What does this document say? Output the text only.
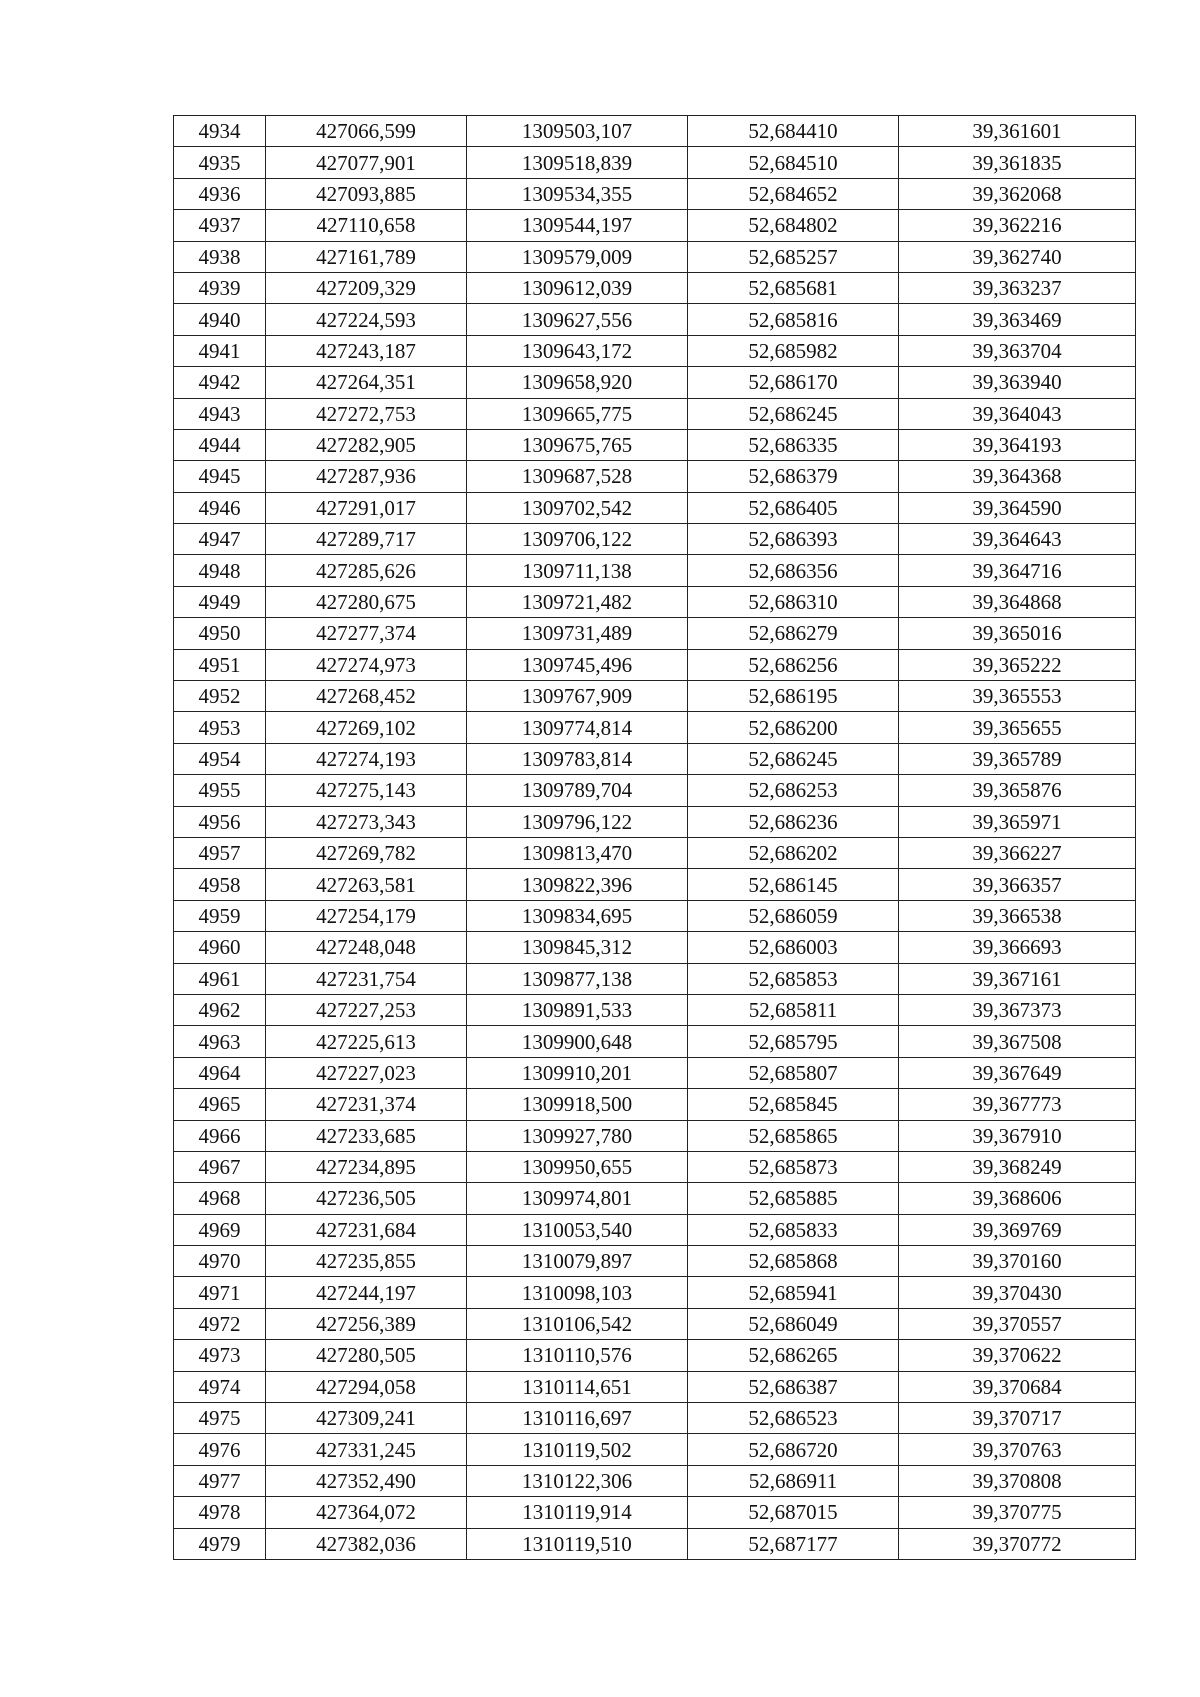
4934	427066,599	1309503,107	52,684410	39,361601
4935	427077,901	1309518,839	52,684510	39,361835
4936	427093,885	1309534,355	52,684652	39,362068
4937	427110,658	1309544,197	52,684802	39,362216
4938	427161,789	1309579,009	52,685257	39,362740
4939	427209,329	1309612,039	52,685681	39,363237
4940	427224,593	1309627,556	52,685816	39,363469
4941	427243,187	1309643,172	52,685982	39,363704
4942	427264,351	1309658,920	52,686170	39,363940
4943	427272,753	1309665,775	52,686245	39,364043
4944	427282,905	1309675,765	52,686335	39,364193
4945	427287,936	1309687,528	52,686379	39,364368
4946	427291,017	1309702,542	52,686405	39,364590
4947	427289,717	1309706,122	52,686393	39,364643
4948	427285,626	1309711,138	52,686356	39,364716
4949	427280,675	1309721,482	52,686310	39,364868
4950	427277,374	1309731,489	52,686279	39,365016
4951	427274,973	1309745,496	52,686256	39,365222
4952	427268,452	1309767,909	52,686195	39,365553
4953	427269,102	1309774,814	52,686200	39,365655
4954	427274,193	1309783,814	52,686245	39,365789
4955	427275,143	1309789,704	52,686253	39,365876
4956	427273,343	1309796,122	52,686236	39,365971
4957	427269,782	1309813,470	52,686202	39,366227
4958	427263,581	1309822,396	52,686145	39,366357
4959	427254,179	1309834,695	52,686059	39,366538
4960	427248,048	1309845,312	52,686003	39,366693
4961	427231,754	1309877,138	52,685853	39,367161
4962	427227,253	1309891,533	52,685811	39,367373
4963	427225,613	1309900,648	52,685795	39,367508
4964	427227,023	1309910,201	52,685807	39,367649
4965	427231,374	1309918,500	52,685845	39,367773
4966	427233,685	1309927,780	52,685865	39,367910
4967	427234,895	1309950,655	52,685873	39,368249
4968	427236,505	1309974,801	52,685885	39,368606
4969	427231,684	1310053,540	52,685833	39,369769
4970	427235,855	1310079,897	52,685868	39,370160
4971	427244,197	1310098,103	52,685941	39,370430
4972	427256,389	1310106,542	52,686049	39,370557
4973	427280,505	1310110,576	52,686265	39,370622
4974	427294,058	1310114,651	52,686387	39,370684
4975	427309,241	1310116,697	52,686523	39,370717
4976	427331,245	1310119,502	52,686720	39,370763
4977	427352,490	1310122,306	52,686911	39,370808
4978	427364,072	1310119,914	52,687015	39,370775
4979	427382,036	1310119,510	52,687177	39,370772
